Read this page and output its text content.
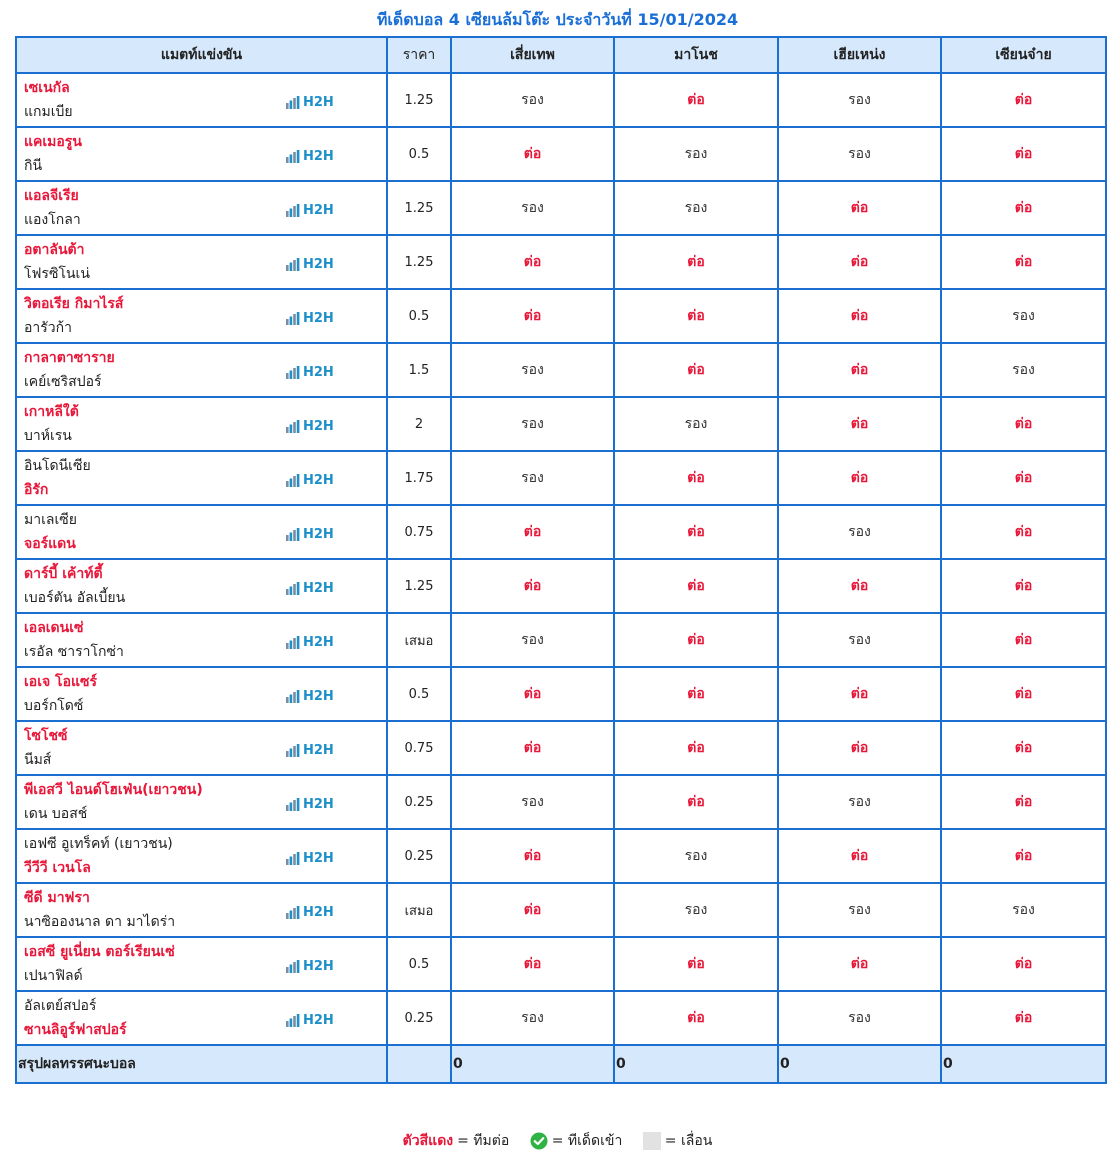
ทีเด็ดบอล 4 เซียนล้มโต๊ะ ประจำวันที่ 15/01/2024
แมตท์แข่งขัน	ราคา	เสี่ยเทพ	มาโนช	เฮียเหน่ง	เซียนจ๋าย

เซเนกัล
แกมเบีย
H2H	1.25	รอง	ต่อ	รอง	ต่อ

แคเมอรูน
กินี
H2H	0.5	ต่อ	รอง	รอง	ต่อ

แอลจีเรีย
แองโกลา
H2H	1.25	รอง	รอง	ต่อ	ต่อ

อตาลันต้า
โฟรซิโนเน่
H2H	1.25	ต่อ	ต่อ	ต่อ	ต่อ

วิตอเรีย กิมาไรส์
อารัวก้า
H2H	0.5	ต่อ	ต่อ	ต่อ	รอง

กาลาตาซาราย
เคย์เซริสปอร์
H2H	1.5	รอง	ต่อ	ต่อ	รอง

เกาหลีใต้
บาห์เรน
H2H	2	รอง	รอง	ต่อ	ต่อ

อินโดนีเซีย
อิรัก
H2H	1.75	รอง	ต่อ	ต่อ	ต่อ

มาเลเซีย
จอร์แดน
H2H	0.75	ต่อ	ต่อ	รอง	ต่อ

ดาร์บี้ เค้าท์ตี้
เบอร์ตัน อัลเบี้ยน
H2H	1.25	ต่อ	ต่อ	ต่อ	ต่อ

เอลเดนเซ่
เรอัล ซาราโกซ่า
H2H	เสมอ	รอง	ต่อ	รอง	ต่อ

เอเจ โอแซร์
บอร์กโดซ์
H2H	0.5	ต่อ	ต่อ	ต่อ	ต่อ

โซโชซ์
นีมส์
H2H	0.75	ต่อ	ต่อ	ต่อ	ต่อ

พีเอสวี ไอนด์โฮเฟ่น(เยาวชน)
เดน บอสช์
H2H	0.25	รอง	ต่อ	รอง	ต่อ

เอฟซี อูเทร็คท์ (เยาวชน)
วีวีวี เวนโล
H2H	0.25	ต่อ	รอง	ต่อ	ต่อ

ซีดี มาฟรา
นาซิอองนาล ดา มาไดร่า
H2H	เสมอ	ต่อ	รอง	รอง	รอง

เอสซี ยูเนี่ยน ตอร์เรียนเซ่
เปนาฟิลด์
H2H	0.5	ต่อ	ต่อ	ต่อ	ต่อ

อัลเตย์สปอร์
ซานลิอูร์ฟาสปอร์
H2H	0.25	รอง	ต่อ	รอง	ต่อ
สรุปผลทรรศนะบอล		0	0	0	0
ตัวสีแดง = ทีมต่อ
	= ทีเด็ดเข้า
	= เลื่อน
